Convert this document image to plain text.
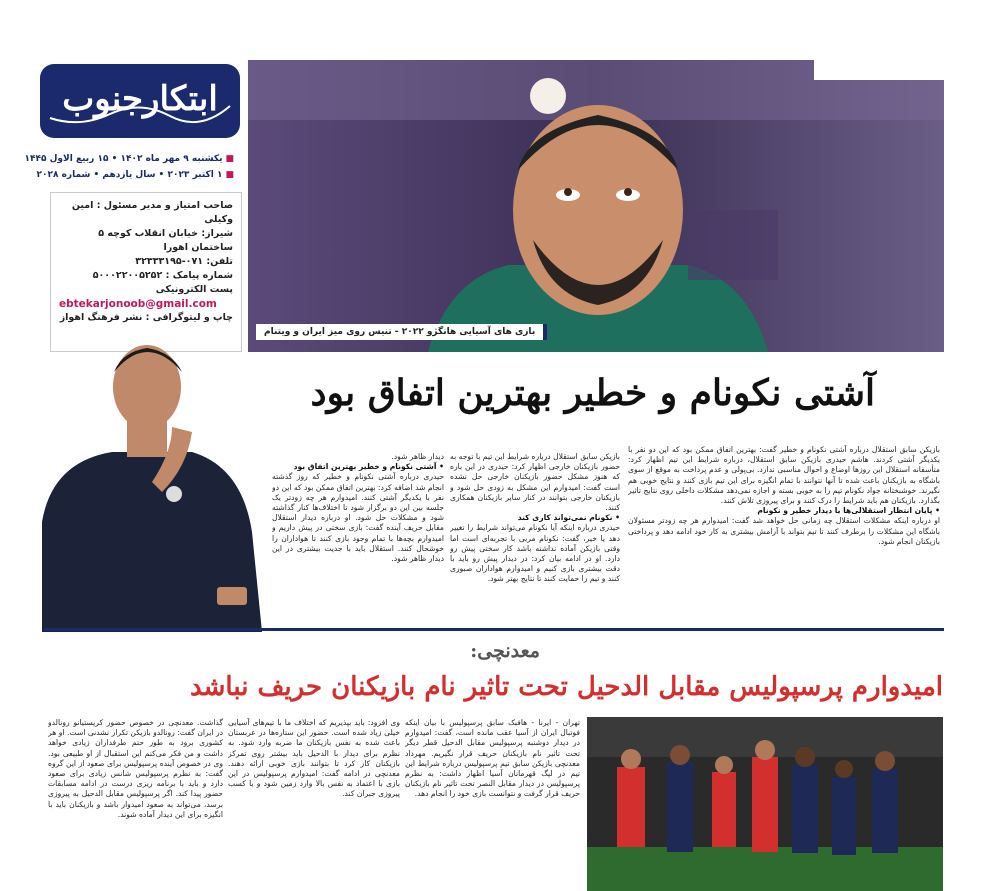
ابتکارجنوب
روزنامه صبح جنوب کشور
■یکشنبه ۹ مهر ماه ۱۴۰۲ • ۱۵ ربیع الاول ۱۴۴۵
■۱ اکتبر ۲۰۲۳ • سال یازدهم • شماره ۲۰۲۸

صاحب امتیاز و مدیر مسئول : امین وکیلی

شیراز: خیابان انقلاب کوچه ۵ ساختمان اهورا

تلفن: ۰۷۱-۳۲۳۳۳۱۹۵

شماره پیامک : ۵۰۰۰۲۲۰۰۵۲۵۲

پست الکترونیکی

ebtekarjonoob@gmail.com

چاپ و لیتوگرافی : نشر فرهنگ اهواز

بازی های آسیایی هانگژو ۲۰۲۲ - تنیس روی میز ایران و ویتنام
آشتی نکونام و خطیر بهترین اتفاق بود
بازیکن سابق استقلال درباره آشتی نکونام و خطیر گفت: بهترین اتفاق ممکن بود که این دو نفر با یکدیگر آشتی کردند. هاشم حیدری بازیکن سابق استقلال، درباره شرایط این تیم اظهار کرد: متأسفانه استقلال این روزها اوضاع و احوال مناسبی ندارد. بی‌پولی و عدم پرداخت به موقع از سوی باشگاه به بازیکنان باعث شده تا آنها نتوانند با تمام انگیزه برای این تیم بازی کنند و نتایج خوبی هم نگیرند. خوشبختانه جواد نکونام تیم را به خوبی بسته و اجازه نمی‌دهد مشکلات داخلی روی نتایج تاثیر بگذارد. بازیکنان هم باید شرایط را درک کنند و برای پیروزی تلاش کنند.
• پایان انتظار استقلالی‌ها با دیدار خطیر و نکونام
او درباره اینکه مشکلات استقلال چه زمانی حل خواهد شد گفت: امیدوارم هر چه زودتر مسئولان باشگاه این مشکلات را برطرف کنند تا تیم بتواند با آرامش بیشتری به کار خود ادامه دهد و پرداختی بازیکنان انجام شود.
بازیکن سابق استقلال درباره شرایط این تیم با توجه به حضور بازیکنان خارجی اظهار کرد: حیدری در این باره که هنوز مشکل حضور بازیکنان خارجی حل نشده است گفت: امیدوارم این مشکل به زودی حل شود و بازیکنان خارجی بتوانند در کنار سایر بازیکنان همکاری کنند.
• نکونام نمی‌تواند کاری کند
حیدری درباره اینکه آیا نکونام می‌تواند شرایط را تغییر دهد یا خیر، گفت: نکونام مربی با تجربه‌ای است اما وقتی بازیکن آماده نداشته باشد کار سختی پیش رو دارد. او در ادامه بیان کرد: در دیدار پیش رو باید با دقت بیشتری بازی کنیم و امیدوارم هواداران صبوری کنند و تیم را حمایت کنند تا نتایج بهتر شود.
دیدار ظاهر شود.
• آشتی نکونام و خطیر بهترین اتفاق بود
حیدری درباره آشتی نکونام و خطیر که روز گذشته انجام شد اضافه کرد: بهترین اتفاق ممکن بود که این دو نفر با یکدیگر آشتی کنند. امیدوارم هر چه زودتر یک جلسه بین این دو برگزار شود تا اختلاف‌ها کنار گذاشته شود و مشکلات حل شود. او درباره دیدار استقلال مقابل حریف آینده گفت: بازی سختی در پیش داریم و امیدوارم بچه‌ها با تمام وجود بازی کنند تا هواداران را خوشحال کنند. استقلال باید با جدیت بیشتری در این دیدار ظاهر شود.
معدنچی:
امیدوارم پرسپولیس مقابل الدحیل تحت تاثیر نام بازیکنان حریف نباشد
تهران - ایرنا - هافبک سابق پرسپولیس با بیان اینکه فوتبال ایران از آسیا عقب مانده است، گفت: امیدوارم در دیدار دوشنبه پرسپولیس مقابل الدحیل قطر دیگر تحت تاثیر نام بازیکنان حریف قرار نگیریم. مهرداد معدنچی بازیکن سابق تیم پرسپولیس درباره شرایط این تیم در لیگ قهرمانان آسیا اظهار داشت: به نظرم پرسپولیس در دیدار مقابل النصر تحت تاثیر نام بازیکنان حریف قرار گرفت و نتوانست بازی خود را انجام دهد.
وی افزود: باید بپذیریم که اختلاف ما با تیم‌های آسیایی خیلی زیاد شده است. حضور این ستاره‌ها در عربستان باعث شده به نفس بازیکنان ما ضربه وارد شود. به نظرم برای دیدار با الدحیل باید بیشتر روی تمرکز بازیکنان کار کرد تا بتوانند بازی خوبی ارائه دهند. معدنچی در ادامه گفت: امیدوارم پرسپولیس در این بازی با اعتماد به نفس بالا وارد زمین شود و با کسب پیروزی جبران کند.
گذاشت. معدنچی در خصوص حضور کریستیانو رونالدو در ایران گفت: رونالدو بازیکن تکرار نشدنی است. او هر کشوری برود به طور حتم طرفداران زیادی خواهد داشت و من فکر می‌کنم این استقبال از او طبیعی بود. وی در خصوص آینده پرسپولیس برای صعود از این گروه گفت: به نظرم پرسپولیس شانس زیادی برای صعود دارد و باید با برنامه ریزی درست در ادامه مسابقات حضور پیدا کند. اگر پرسپولیس مقابل الدحیل به پیروزی برسد، می‌تواند به صعود امیدوار باشد و بازیکنان باید با انگیزه برای این دیدار آماده شوند.
